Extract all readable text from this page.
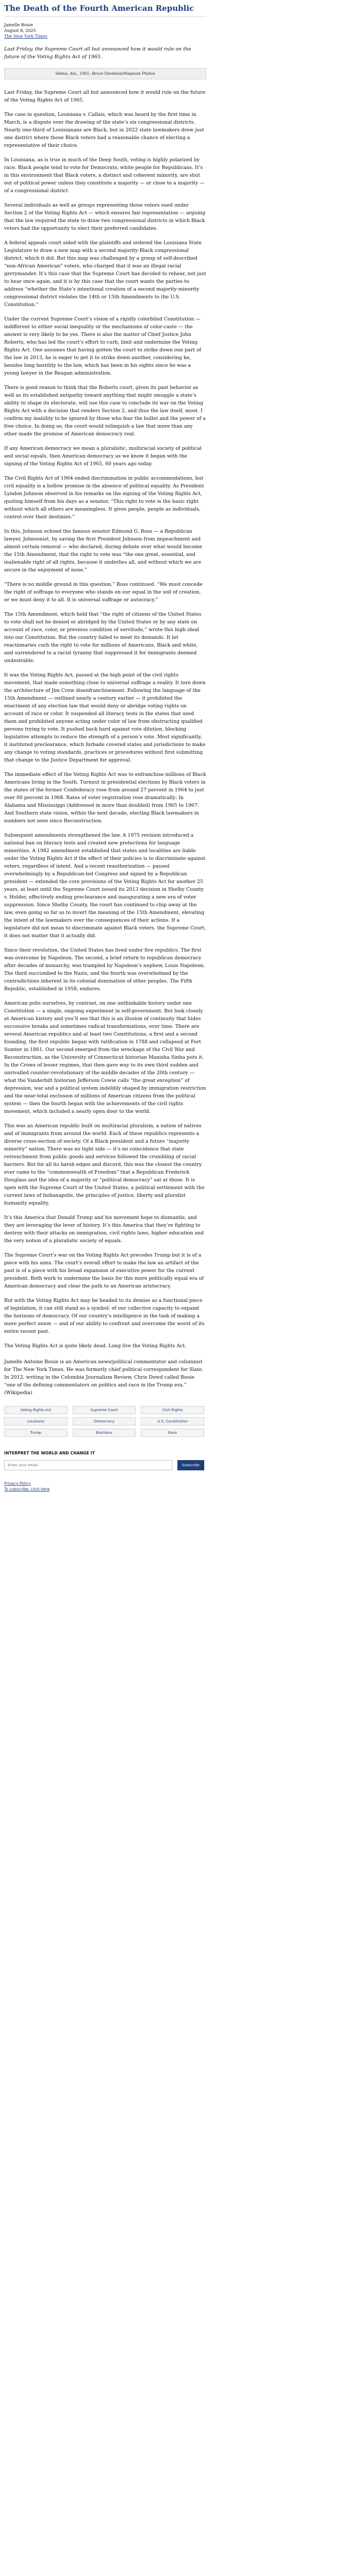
The Death of the Fourth American Republic
Jamelle Bouie
August 8, 2025
The New York Times
Last Friday, the Supreme Court all but announced how it would rule on the future of the Voting Rights Act of 1965.
Selma, Ala., 1965. Bruce Davidson/Magnum Photos

Last Friday, the Supreme Court all but announced how it would rule on the future of the Voting Rights Act of 1965.

The case in question, Louisiana v. Callais, which was heard by the first time in March, is a dispute over the drawing of the state’s six congressional districts. Nearly one-third of Louisianans are Black, but in 2022 state lawmakers drew just one district where those Black voters had a reasonable chance of electing a representative of their choice.

In Louisiana, as is true in much of the Deep South, voting is highly polarized by race. Black people tend to vote for Democrats, white people for Republicans. It’s in this environment that Black voters, a distinct and coherent minority, are shut out of political power unless they constitute a majority — or close to a majority — of a congressional district.

Several individuals as well as groups representing those voters sued under Section 2 of the Voting Rights Act — which ensures fair representation — arguing that the law required the state to draw two congressional districts in which Black voters had the opportunity to elect their preferred candidates.

A federal appeals court sided with the plaintiffs and ordered the Louisiana State Legislature to draw a new map with a second majority-Black congressional district, which it did. But this map was challenged by a group of self-described “non-African American” voters, who charged that it was an illegal racial gerrymander. It’s this case that the Supreme Court has decided to rehear, not just to hear once again, and it is by this case that the court wants the parties to address “whether the State’s intentional creation of a second majority-minority congressional district violates the 14th or 15th Amendments to the U.S. Constitution.”

Under the current Supreme Court’s vision of a rigidly colorblind Constitution — indifferent to either social inequality or the mechanisms of color-caste — the answer is very likely to be yes. There is also the matter of Chief Justice John Roberts, who has led the court’s effort to curb, limit and undermine the Voting Rights Act. One assumes that having gotten the court to strike down one part of the law in 2013, he is eager to get it to strike down another, considering he, besides long hostility to the law, which has been in his sights since he was a young lawyer in the Reagan administration.

There is good reason to think that the Roberts court, given its past behavior as well as its established antipathy toward anything that might smuggle a state’s ability to shape its electorate, will use this case to conclude its war on the Voting Rights Act with a decision that renders Section 2, and thus the law itself, moot. I confirm my inability to be ignored by those who fear the bullet and the power of a free choice. In doing so, the court would relinquish a law that more than any other made the promise of American democracy real.

If any American democracy we mean a pluralistic, multiracial society of political and social equals, then American democracy as we know it began with the signing of the Voting Rights Act of 1965, 60 years ago today.

The Civil Rights Act of 1964 ended discrimination in public accommodations, but civil equality is a hollow promise in the absence of political equality. As President Lyndon Johnson observed in his remarks on the signing of the Voting Rights Act, quoting himself from his days as a senator, “This right to vote is the basic right without which all others are meaningless. It gives people, people as individuals, control over their destinies.”

In this, Johnson echoed the famous senator Edmund G. Ross — a Republican lawyer, Johnsonist, by saving the first President Johnson from impeachment and almost certain removal — who declared, during debate over what would become the 15th Amendment, that the right to vote was “the one great, essential, and inalienable right of all rights, because it underlies all, and without which we are secure in the enjoyment of none.”

“There is no middle ground in this question,” Ross continued. “We must concede the right of suffrage to everyone who stands on our equal in the soil of creation, or we must deny it to all. It is universal suffrage or autocracy.”

The 15th Amendment, which held that “the right of citizens of the United States to vote shall not be denied or abridged by the United States or by any state on account of race, color, or previous condition of servitude,” wrote this high ideal into our Constitution. But the country failed to meet its demands. It let reactionaries curb the right to vote for millions of Americans, Black and white, and surrendered to a racist tyranny that suppressed it for immigrants deemed undesirable.

It was the Voting Rights Act, passed at the high point of the civil rights movement, that made something close to universal suffrage a reality. It tore down the architecture of Jim Crow disenfranchisement. Following the language of the 15th Amendment — outlined nearly a century earlier — it prohibited the enactment of any election law that would deny or abridge voting rights on account of race or color. It suspended all literacy tests in the states that used them and prohibited anyone acting under color of law from obstructing qualified persons trying to vote. It pushed back hard against vote dilution, blocking legislative attempts to reduce the strength of a person’s vote. Most significantly, it instituted preclearance, which forbade covered states and jurisdictions to make any change to voting standards, practices or procedures without first submitting that change to the Justice Department for approval.

The immediate effect of the Voting Rights Act was to enfranchise millions of Black Americans living in the South. Turnout in presidential elections by Black voters in the states of the former Confederacy rose from around 27 percent in 1964 to just over 60 percent in 1968. Rates of voter registration rose dramatically: In Alabama and Mississippi (Addressed in more than doubled) from 1965 to 1967. And Southern state vision, within the next decade, electing Black lawmakers in numbers not seen since Reconstruction.

Subsequent amendments strengthened the law. A 1975 revision introduced a national ban on literacy tests and created new protections for language minorities. A 1982 amendment established that states and localities are liable under the Voting Rights Act if the effect of their policies is to discriminate against voters, regardless of intent. And a recent reauthorization — passed overwhelmingly by a Republican-led Congress and signed by a Republican president — extended the core provisions of the Voting Rights Act for another 25 years, at least until the Supreme Court issued its 2013 decision in Shelby County v. Holder, effectively ending preclearance and inaugurating a new era of voter suppression. Since Shelby County, the court has continued to chip away at the law, even going so far as to invert the meaning of the 15th Amendment, elevating the intent of the lawmakers over the consequences of their actions. If a legislature did not mean to discriminate against Black voters, the Supreme Court, it does not matter that it actually did.

Since their revolution, the United States has lived under five republics. The first was overcome by Napoleon. The second, a brief return to republican democracy after decades of monarchy, was trampled by Napoleon’s nephew, Louis Napoleon. The third succumbed to the Nazis, and the fourth was overwhelmed by the contradictions inherent in its colonial domination of other peoples. The Fifth Republic, established in 1958, endures.

American polis ourselves, by contrast, on one unthinkable history under one Constitution — a single, ongoing experiment in self-government. But look closely at American history and you’ll see that this is an illusion of continuity that hides successive breaks and sometimes radical transformations, over time. There are several American republics and at least two Constitutions, a first and a second founding, the first republic began with ratification in 1788 and collapsed at Fort Sumter in 1861. Our second emerged from the wreckage of the Civil War and Reconstruction, as the University of Connecticut historian Manisha Sinha puts it. In the Crows of lesser regimes, that then gave way to its own third sudden and unrivalled counter-revolutionary of the middle decades of the 20th century — what the Vanderbilt historian Jefferson Cowie calls “the great exception” of depression, war and a political system indelibly shaped by immigration restriction and the near-total exclusion of millions of American citizens from the political system — then the fourth began with the achievements of the civil rights movement, which included a nearly open door to the world.

This was an American republic built on multiracial pluralism, a nation of natives and of immigrants from around the world. Each of these republics represents a diverse cross-section of society. Of a Black president and a future “majority minority” nation. There was no tight side — it’s no coincidence that state retrenchment from public goods and services followed the crumbling of racial barriers. But for all its harsh edges and discord, this was the closest the country ever came to the “commonwealth of Freedom” that a Republican Frederick Douglass and the idea of a majority or “political democracy” sat at those. It is open with the Supreme Court of the United States, a political settlement with the current laws of Indianapolis, the principles of justice, liberty and pluralist humanity equality.

It’s this America that Donald Trump and his movement hope to dismantle, and they are leveraging the lever of history. It’s this America that they’re fighting to destroy with their attacks on immigration, civil rights laws, higher education and the very notion of a pluralistic society of equals.

The Supreme Court’s war on the Voting Rights Act precedes Trump but it is of a piece with his aims. The court’s overall effort to make the law an artifact of the past is of a piece with his broad expansion of executive power for the current president. Both work to undermine the basis for this more politically equal era of American democracy and clear the path to an American aristocracy.

But with the Voting Rights Act may be headed to its demise as a functional piece of legislation, it can still stand as a symbol: of our collective capacity to expand the horizons of democracy. Of our country’s intelligence in the task of making a more perfect union — and of our ability to confront and overcome the worst of its entire recent past.

The Voting Rights Act is quite likely dead. Long live the Voting Rights Act.

Jamelle Antoine Bouie is an American news/political commentator and columnist for The New York Times. He was formerly chief political correspondent for Slate. In 2012, writing in the Columbia Journalism Review, Chris Dowd called Bouie “one of the defining commentators on politics and race in the Trump era.” (Wikipedia)
Voting Rights Act	Supreme Court	Civil Rights
Louisiana	Democracy	U.S. Constitution
Trump	Elections	Race
INTERPRET THE WORLD AND CHANGE IT
Enter your email
Subscribe
Privacy Policy
To subscribe, click here
